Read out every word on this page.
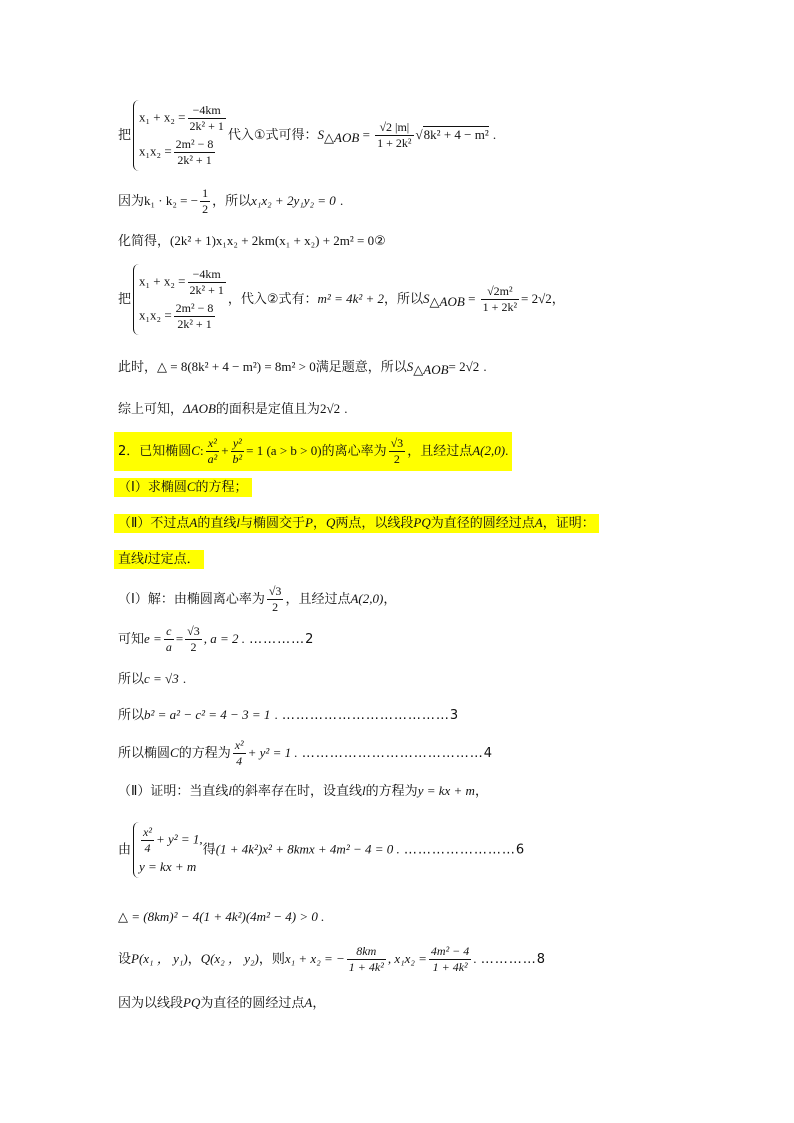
把
$x_1 + x_2 = \frac{-4km}{\text{2k² + 1}}$
$x_1x_2 = \frac{\text{2m² − 8}}{\text{2k² + 1}}$
代入①式可得：$S_{\triangle AOB} = \frac{√2 |m|}{\text{1 + 2k²}} √8k^2 + 4 - m^2$ .
因为k₁ · k₂ = − $\frac{1}{2}$ ，所以x₁x₂ + 2y₁y₂ = 0 .
化简得，(2k² + 1)x₁x₂ + 2km(x₁ + x₂) + 2m² = 0②
把
$x_1 + x_2 = \frac{-4km}{\text{2k² + 1}}$
$x_1x_2 = \frac{\text{2m² − 8}}{\text{2k² + 1}}$
，代入②式有：m² = 4k² + 2，所以$S_{\triangle AOB} = \frac{\text{√2m²}}{\text{1 + 2k²}} = 2√2$，
此时，△ = 8(8k² + 4 − m²) = 8m² > 0满足题意，所以$S_{\triangle AOB}= 2√2$ .
综上可知，ΔAOB的面积是定值且为2√2 .
2．已知椭圆C: $\frac{\text{x²}}{\text{a²}} + \frac{\text{y²}}{\text{b²}} = 1$ (a > b > 0)的离心率为 $\frac{√3}{2}$ ，且经过点A(2,0).
（Ⅰ）求椭圆C的方程；
（Ⅱ）不过点A的直线l与椭圆交于P，Q两点，以线段PQ为直径的圆经过点A，证明：
直线l过定点．
（Ⅰ）解：由椭圆离心率为 $\frac{√3}{2}$ ，且经过点A(2,0)，
可知$e = \frac{c}{a} = \frac{√3}{2}$ , a = 2 . …………2
所以c = √3 .
所以b² = a² − c² = 4 − 3 = 1 . ………………………………3
所以椭圆C的方程为 $\frac{\text{x²}}{4} + y^2 = 1$ . …………………………………4
（Ⅱ）证明：当直线l的斜率存在时，设直线l的方程为y = kx + m，
由 $\frac{\text{x²}}{4} + y^2 = 1$,
y = kx + m
得(1 + 4k²)x² + 8kmx + 4m² − 4 = 0 . ……………………6
△ = (8km)² − 4(1 + 4k²)(4m² − 4) > 0 .
设P(x₁ ， y₁)，Q(x₂ ， y₂)，则x₁ + x₂ = − $\frac{8km}{\text{1 + 4k²}}$ , $x_1x_2 = \frac{\text{4m² − 4}}{\text{1 + 4k²}}$ . …………8
因为以线段PQ为直径的圆经过点A，
